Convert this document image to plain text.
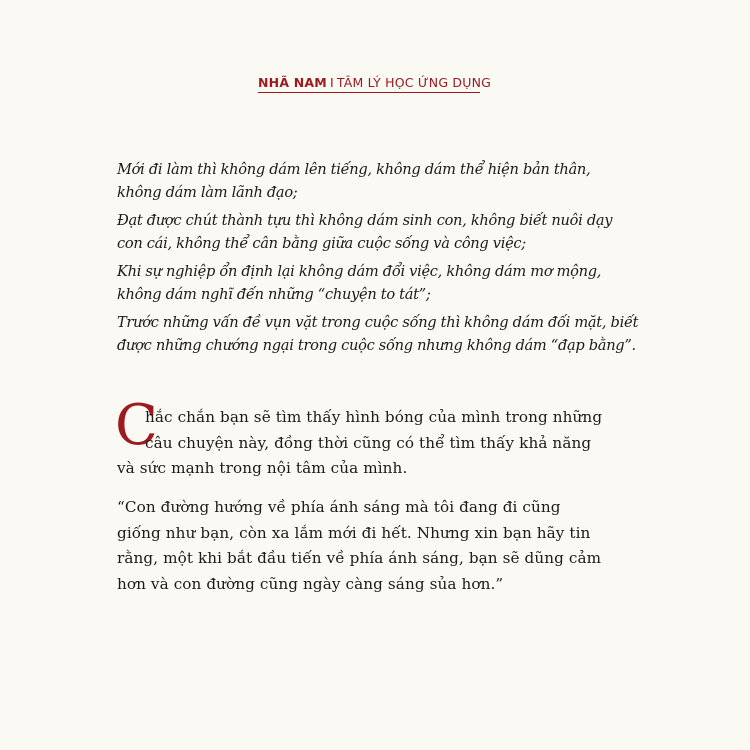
NHÃ NAM I TÂM LÝ HỌC ỨNG DỤNG
Mới đi làm thì không dám lên tiếng, không dám thể hiện bản thân,
không dám làm lãnh đạo;
Đạt được chút thành tựu thì không dám sinh con, không biết nuôi dạy
con cái, không thể cân bằng giữa cuộc sống và công việc;
Khi sự nghiệp ổn định lại không dám đổi việc, không dám mơ mộng,
không dám nghĩ đến những “chuyện to tát”;
Trước những vấn đề vụn vặt trong cuộc sống thì không dám đối mặt, biết
được những chướng ngại trong cuộc sống nhưng không dám “đạp bằng”.
C
hắc chắn bạn sẽ tìm thấy hình bóng của mình trong những
câu chuyện này, đồng thời cũng có thể tìm thấy khả năng
và sức mạnh trong nội tâm của mình.
“Con đường hướng về phía ánh sáng mà tôi đang đi cũng
giống như bạn, còn xa lắm mới đi hết. Nhưng xin bạn hãy tin
rằng, một khi bắt đầu tiến về phía ánh sáng, bạn sẽ dũng cảm
hơn và con đường cũng ngày càng sáng sủa hơn.”
